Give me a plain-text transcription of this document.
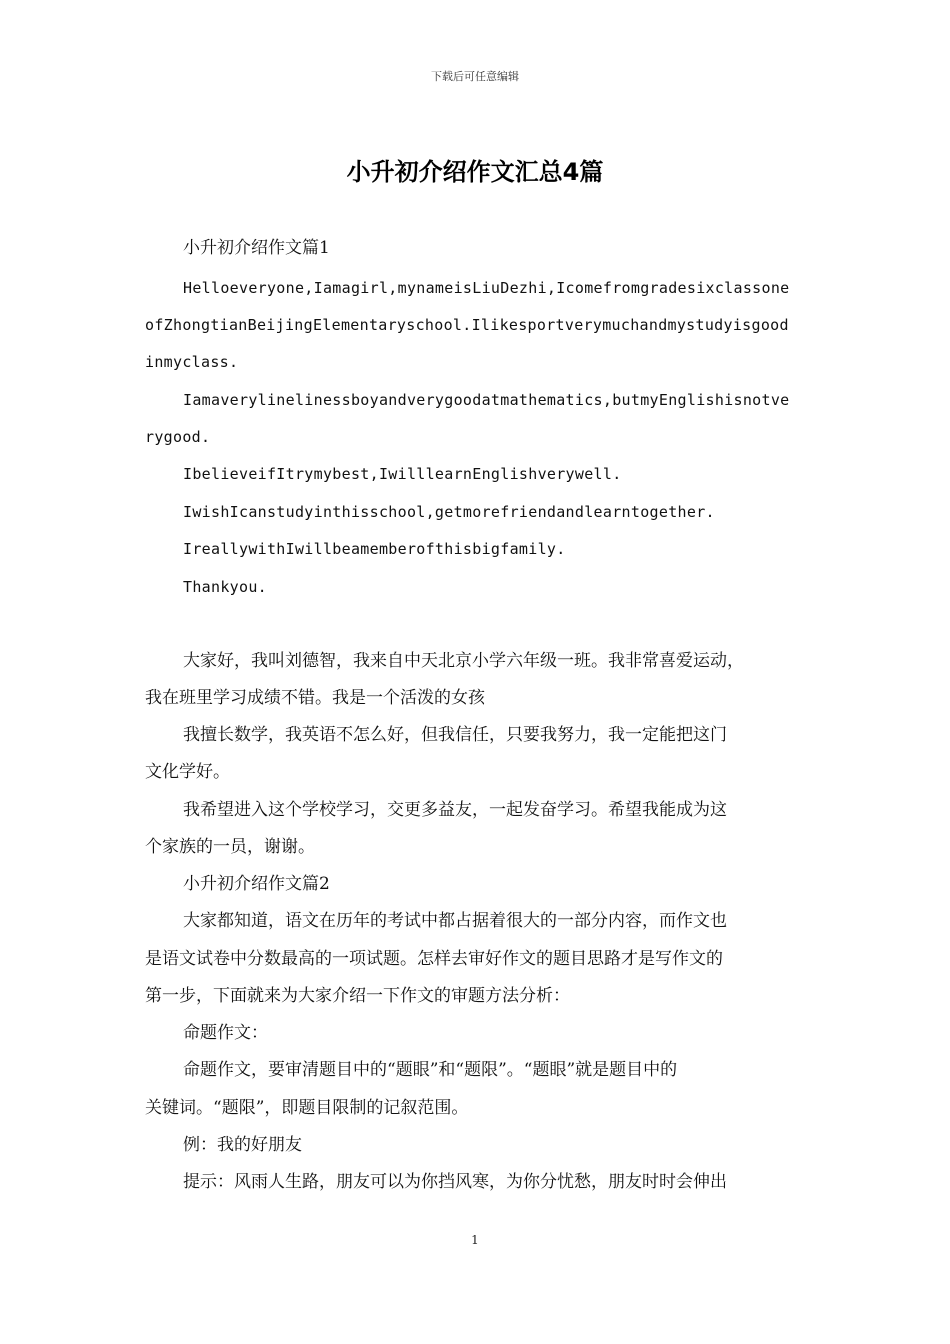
下载后可任意编辑
小升初介绍作文汇总4篇
小升初介绍作文篇1
Helloeveryone,Iamagirl,mynameisLiuDezhi,Icomefromgradesixclassone
ofZhongtianBeijingElementaryschool.Ilikesportverymuchandmystudyisgood
inmyclass.
Iamaverylinelinessboyandverygoodatmathematics,butmyEnglishisnotve
rygood.
IbelieveifItrymybest,IwilllearnEnglishverywell.
IwishIcanstudyinthisschool,getmorefriendandlearntogether.
IreallywithIwillbeamemberofthisbigfamily.
Thankyou.
大家好，我叫刘德智，我来自中天北京小学六年级一班。我非常喜爱运动，
我在班里学习成绩不错。我是一个活泼的女孩
我擅长数学，我英语不怎么好，但我信任，只要我努力，我一定能把这门
文化学好。
我希望进入这个学校学习，交更多益友，一起发奋学习。希望我能成为这
个家族的一员，谢谢。
小升初介绍作文篇2
大家都知道，语文在历年的考试中都占据着很大的一部分内容，而作文也
是语文试卷中分数最高的一项试题。怎样去审好作文的题目思路才是写作文的
第一步，下面就来为大家介绍一下作文的审题方法分析：
命题作文：
命题作文，要审清题目中的“题眼”和“题限”。“题眼”就是题目中的
关键词。“题限”，即题目限制的记叙范围。
例：我的好朋友
提示：风雨人生路，朋友可以为你挡风寒，为你分忧愁，朋友时时会伸出
1
